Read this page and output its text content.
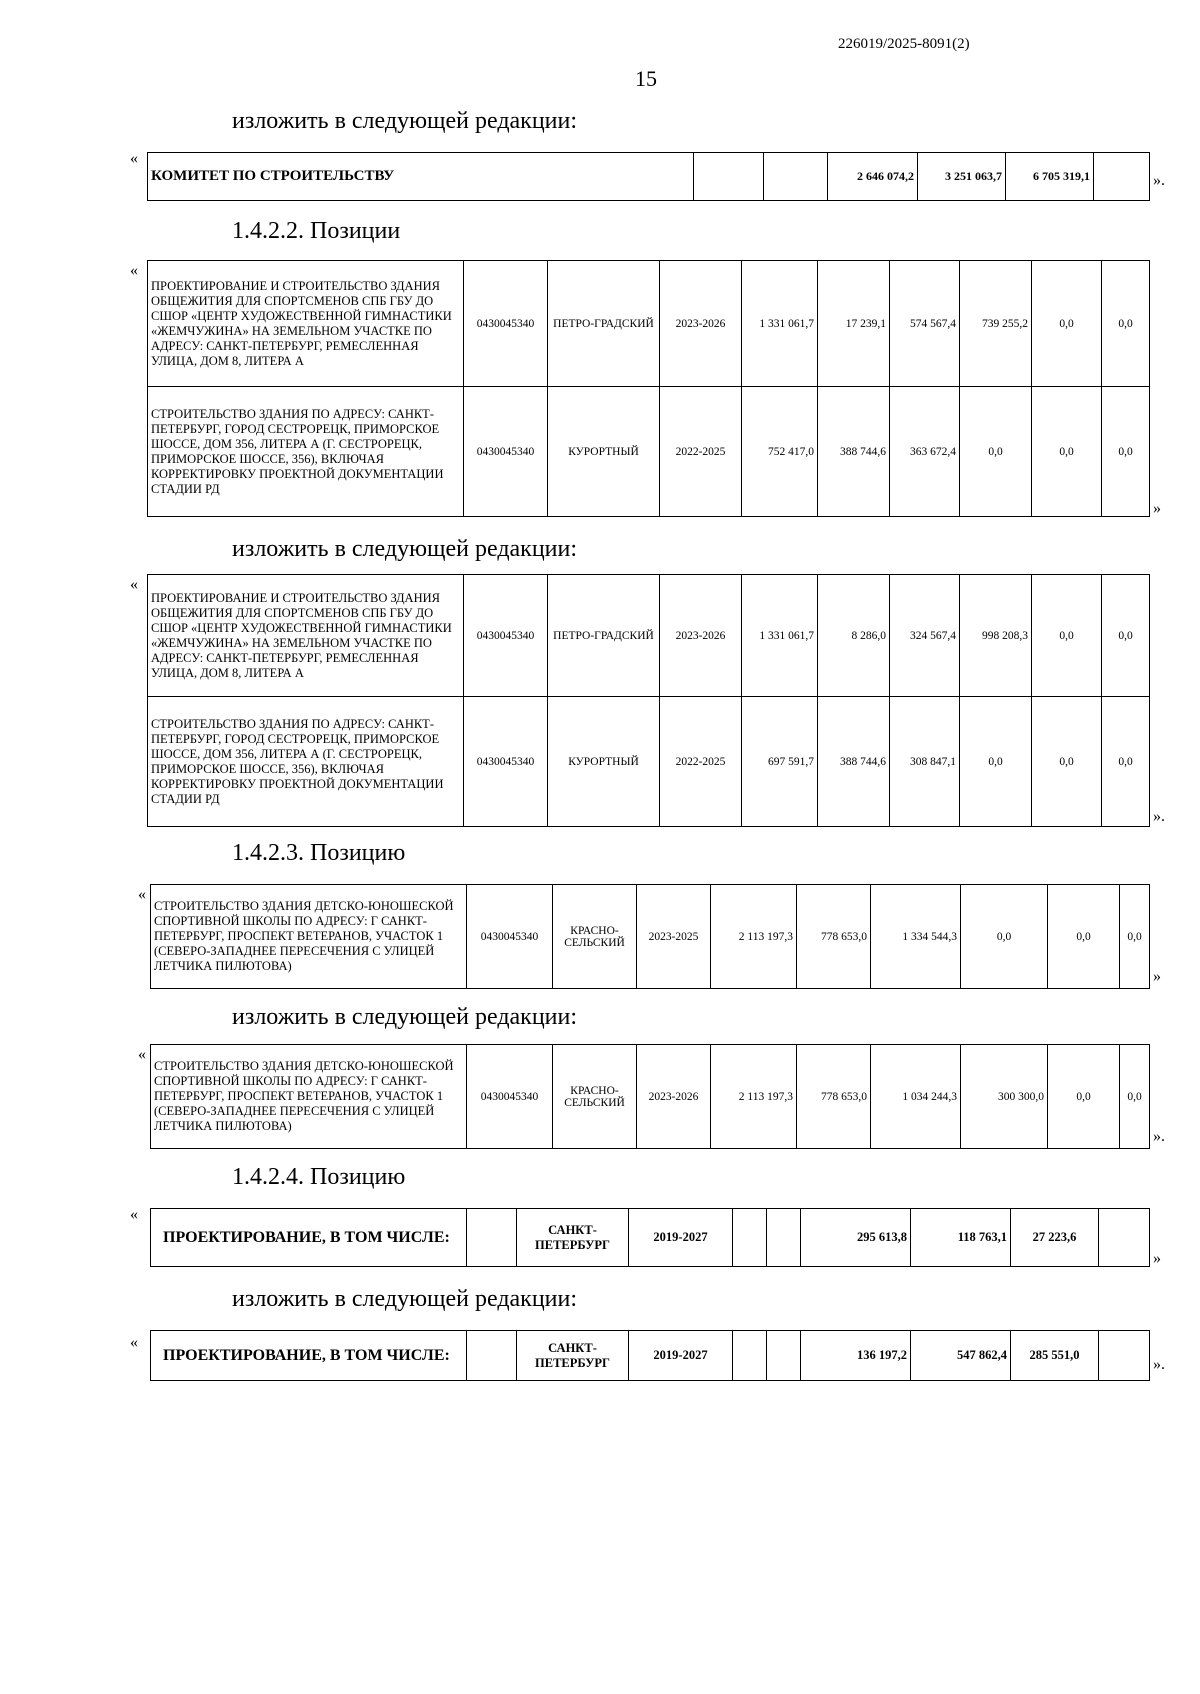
226019/2025-8091(2)
15
изложить в следующей редакции:
«
КОМИТЕТ ПО СТРОИТЕЛЬСТВУ			2 646 074,2	3 251 063,7	6 705 319,1		».
1.4.2.2. Позиции
«
ПРОЕКТИРОВАНИЕ И СТРОИТЕЛЬСТВО ЗДАНИЯ ОБЩЕЖИТИЯ ДЛЯ СПОРТСМЕНОВ СПБ ГБУ ДО СШОР «ЦЕНТР ХУДОЖЕСТВЕННОЙ ГИМНАСТИКИ «ЖЕМЧУЖИНА» НА ЗЕМЕЛЬНОМ УЧАСТКЕ ПО АДРЕСУ: САНКТ-ПЕТЕРБУРГ, РЕМЕСЛЕННАЯ УЛИЦА, ДОМ 8, ЛИТЕРА А	0430045340	ПЕТРО-ГРАДСКИЙ	2023-2026	1 331 061,7	17 239,1	574 567,4	739 255,2	0,0	0,0
СТРОИТЕЛЬСТВО ЗДАНИЯ ПО АДРЕСУ: САНКТ-ПЕТЕРБУРГ, ГОРОД СЕСТРОРЕЦК, ПРИМОРСКОЕ ШОССЕ, ДОМ 356, ЛИТЕРА А (Г. СЕСТРОРЕЦК, ПРИМОРСКОЕ ШОССЕ, 356), ВКЛЮЧАЯ КОРРЕКТИРОВКУ ПРОЕКТНОЙ ДОКУМЕНТАЦИИ СТАДИИ РД	0430045340	КУРОРТНЫЙ	2022-2025	752 417,0	388 744,6	363 672,4	0,0	0,0	0,0
»
изложить в следующей редакции:
«
ПРОЕКТИРОВАНИЕ И СТРОИТЕЛЬСТВО ЗДАНИЯ ОБЩЕЖИТИЯ ДЛЯ СПОРТСМЕНОВ СПБ ГБУ ДО СШОР «ЦЕНТР ХУДОЖЕСТВЕННОЙ ГИМНАСТИКИ «ЖЕМЧУЖИНА» НА ЗЕМЕЛЬНОМ УЧАСТКЕ ПО АДРЕСУ: САНКТ-ПЕТЕРБУРГ, РЕМЕСЛЕННАЯ УЛИЦА, ДОМ 8, ЛИТЕРА А	0430045340	ПЕТРО-ГРАДСКИЙ	2023-2026	1 331 061,7	8 286,0	324 567,4	998 208,3	0,0	0,0
СТРОИТЕЛЬСТВО ЗДАНИЯ ПО АДРЕСУ: САНКТ-ПЕТЕРБУРГ, ГОРОД СЕСТРОРЕЦК, ПРИМОРСКОЕ ШОССЕ, ДОМ 356, ЛИТЕРА А (Г. СЕСТРОРЕЦК, ПРИМОРСКОЕ ШОССЕ, 356), ВКЛЮЧАЯ КОРРЕКТИРОВКУ ПРОЕКТНОЙ ДОКУМЕНТАЦИИ СТАДИИ РД	0430045340	КУРОРТНЫЙ	2022-2025	697 591,7	388 744,6	308 847,1	0,0	0,0	0,0
».
1.4.2.3. Позицию
«
СТРОИТЕЛЬСТВО ЗДАНИЯ ДЕТСКО-ЮНОШЕСКОЙ СПОРТИВНОЙ ШКОЛЫ ПО АДРЕСУ: Г САНКТ-ПЕТЕРБУРГ, ПРОСПЕКТ ВЕТЕРАНОВ, УЧАСТОК 1 (СЕВЕРО-ЗАПАДНЕЕ ПЕРЕСЕЧЕНИЯ С УЛИЦЕЙ ЛЕТЧИКА ПИЛЮТОВА)	0430045340	КРАСНО-СЕЛЬСКИЙ	2023-2025	2 113 197,3	778 653,0	1 334 544,3	0,0	0,0	0,0
»
изложить в следующей редакции:
«
СТРОИТЕЛЬСТВО ЗДАНИЯ ДЕТСКО-ЮНОШЕСКОЙ СПОРТИВНОЙ ШКОЛЫ ПО АДРЕСУ: Г САНКТ-ПЕТЕРБУРГ, ПРОСПЕКТ ВЕТЕРАНОВ, УЧАСТОК 1 (СЕВЕРО-ЗАПАДНЕЕ ПЕРЕСЕЧЕНИЯ С УЛИЦЕЙ ЛЕТЧИКА ПИЛЮТОВА)	0430045340	КРАСНО-СЕЛЬСКИЙ	2023-2026	2 113 197,3	778 653,0	1 034 244,3	300 300,0	0,0	0,0
».
1.4.2.4. Позицию
«
ПРОЕКТИРОВАНИЕ, В ТОМ ЧИСЛЕ:		САНКТ-ПЕТЕРБУРГ	2019-2027			295 613,8	118 763,1	27 223,6	
»
изложить в следующей редакции:
«
ПРОЕКТИРОВАНИЕ, В ТОМ ЧИСЛЕ:		САНКТ-ПЕТЕРБУРГ	2019-2027			136 197,2	547 862,4	285 551,0	
».
